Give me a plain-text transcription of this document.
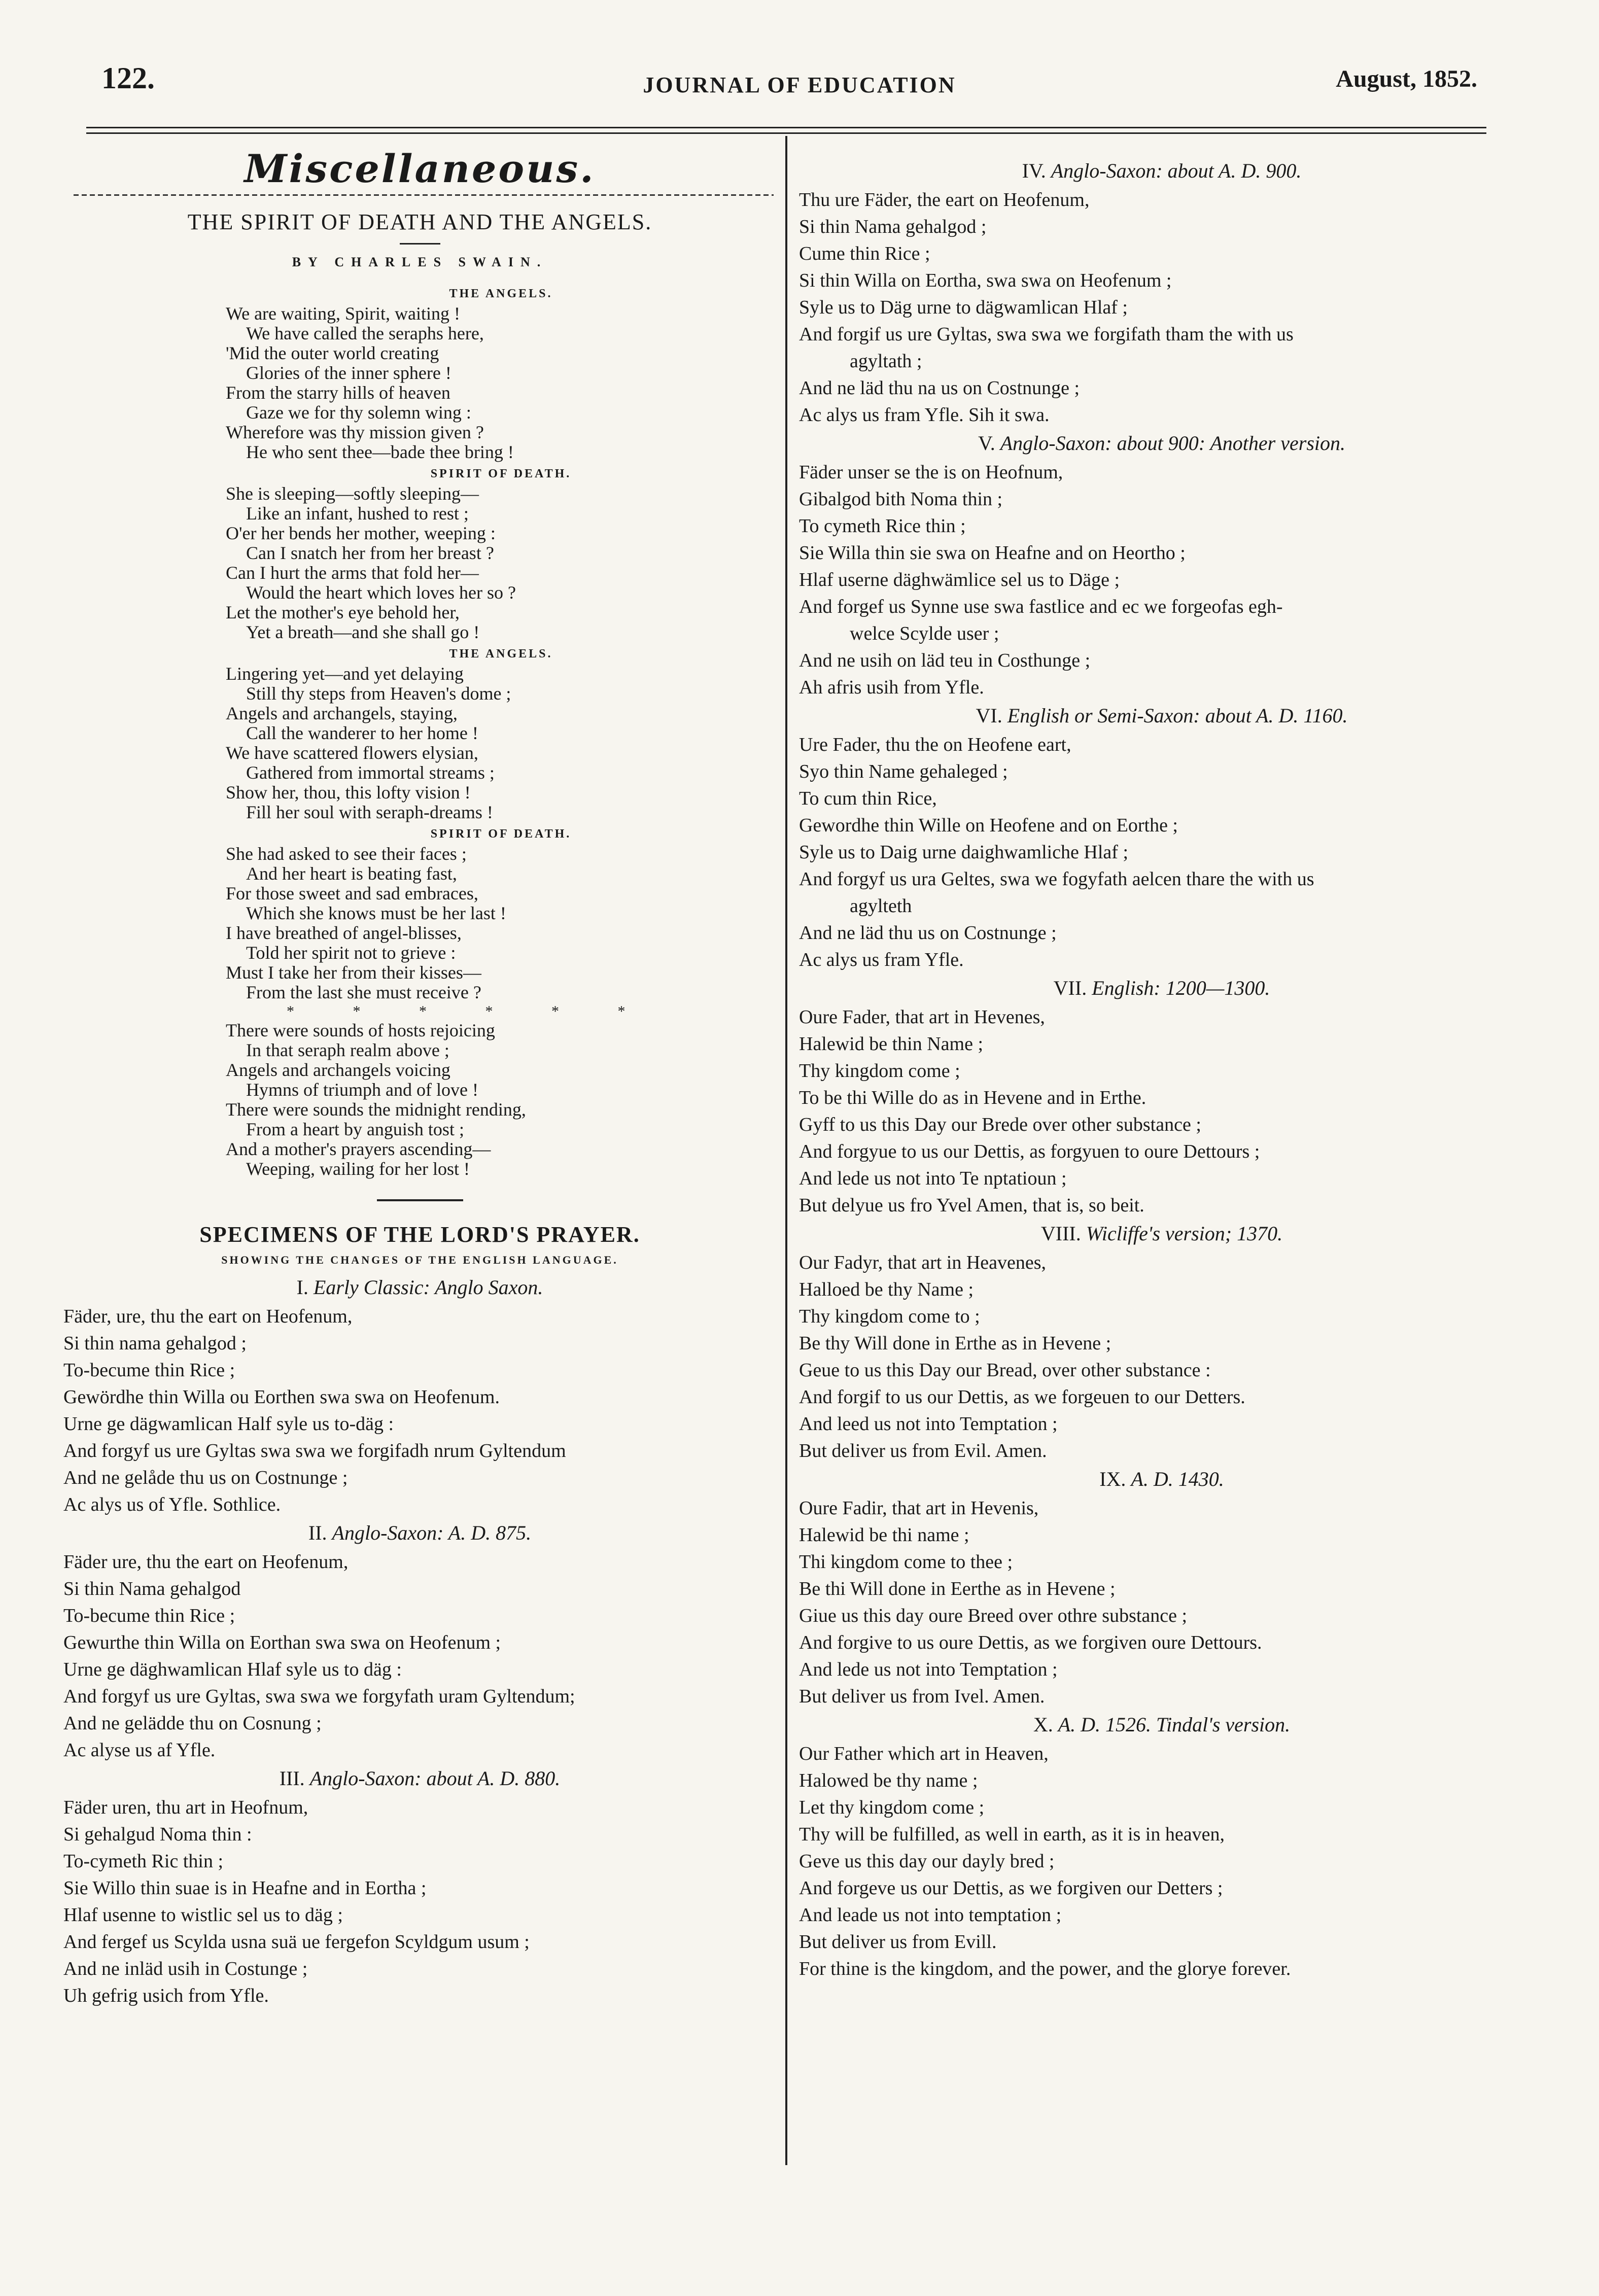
122.	JOURNAL OF EDUCATION	August, 1852.
Miscellaneous.
THE SPIRIT OF DEATH AND THE ANGELS.
BY CHARLES SWAIN.
THE ANGELS.
We are waiting, Spirit, waiting !
We have called the seraphs here,
'Mid the outer world creating
Glories of the inner sphere !
From the starry hills of heaven
Gaze we for thy solemn wing :
Wherefore was thy mission given ?
He who sent thee—bade thee bring !
SPIRIT OF DEATH.
She is sleeping—softly sleeping—
Like an infant, hushed to rest ;
O'er her bends her mother, weeping :
Can I snatch her from her breast ?
Can I hurt the arms that fold her—
Would the heart which loves her so ?
Let the mother's eye behold her,
Yet a breath—and she shall go !
THE ANGELS.
Lingering yet—and yet delaying
Still thy steps from Heaven's dome ;
Angels and archangels, staying,
Call the wanderer to her home !
We have scattered flowers elysian,
Gathered from immortal streams ;
Show her, thou, this lofty vision !
Fill her soul with seraph-dreams !
SPIRIT OF DEATH.
She had asked to see their faces ;
And her heart is beating fast,
For those sweet and sad embraces,
Which she knows must be her last !
I have breathed of angel-blisses,
Told her spirit not to grieve :
Must I take her from their kisses—
From the last she must receive ?
* * * * * *
There were sounds of hosts rejoicing
In that seraph realm above ;
Angels and archangels voicing
Hymns of triumph and of love !
There were sounds the midnight rending,
From a heart by anguish tost ;
And a mother's prayers ascending—
Weeping, wailing for her lost !
SPECIMENS OF THE LORD'S PRAYER.
SHOWING THE CHANGES OF THE ENGLISH LANGUAGE.
I. Early Classic: Anglo Saxon.
Fäder, ure, thu the eart on Heofenum,
Si thin nama gehalgod ;
To-becume thin Rice ;
Gewördhe thin Willa ou Eorthen swa swa on Heofenum.
Urne ge dägwamlican Half syle us to-däg :
And forgyf us ure Gyltas swa swa we forgifadh nrum Gyltendum
And ne gelåde thu us on Costnunge ;
Ac alys us of Yfle. Sothlice.
II. Anglo-Saxon: A. D. 875.
Fäder ure, thu the eart on Heofenum,
Si thin Nama gehalgod
To-becume thin Rice ;
Gewurthe thin Willa on Eorthan swa swa on Heofenum ;
Urne ge däghwamlican Hlaf syle us to däg :
And forgyf us ure Gyltas, swa swa we forgyfath uram Gyltendum;
And ne gelädde thu on Cosnung ;
Ac alyse us af Yfle.
III. Anglo-Saxon: about A. D. 880.
Fäder uren, thu art in Heofnum,
Si gehalgud Noma thin :
To-cymeth Ric thin ;
Sie Willo thin suae is in Heafne and in Eortha ;
Hlaf usenne to wistlic sel us to däg ;
And fergef us Scylda usna suä ue fergefon Scyldgum usum ;
And ne inläd usih in Costunge ;
Uh gefrig usich from Yfle.
IV. Anglo-Saxon: about A. D. 900.
Thu ure Fäder, the eart on Heofenum,
Si thin Nama gehalgod ;
Cume thin Rice ;
Si thin Willa on Eortha, swa swa on Heofenum ;
Syle us to Däg urne to dägwamlican Hlaf ;
And forgif us ure Gyltas, swa swa we forgifath tham the with us
agyltath ;
And ne läd thu na us on Costnunge ;
Ac alys us fram Yfle. Sih it swa.
V. Anglo-Saxon: about 900: Another version.
Fäder unser se the is on Heofnum,
Gibalgod bith Noma thin ;
To cymeth Rice thin ;
Sie Willa thin sie swa on Heafne and on Heortho ;
Hlaf userne däghwämlice sel us to Däge ;
And forgef us Synne use swa fastlice and ec we forgeofas egh-
welce Scylde user ;
And ne usih on läd teu in Costhunge ;
Ah afris usih from Yfle.
VI. English or Semi-Saxon: about A. D. 1160.
Ure Fader, thu the on Heofene eart,
Syo thin Name gehaleged ;
To cum thin Rice,
Gewordhe thin Wille on Heofene and on Eorthe ;
Syle us to Daig urne daighwamliche Hlaf ;
And forgyf us ura Geltes, swa we fogyfath aelcen thare the with us
agylteth
And ne läd thu us on Costnunge ;
Ac alys us fram Yfle.
VII. English: 1200—1300.
Oure Fader, that art in Hevenes,
Halewid be thin Name ;
Thy kingdom come ;
To be thi Wille do as in Hevene and in Erthe.
Gyff to us this Day our Brede over other substance ;
And forgyue to us our Dettis, as forgyuen to oure Dettours ;
And lede us not into Te nptatioun ;
But delyue us fro Yvel Amen, that is, so beit.
VIII. Wicliffe's version; 1370.
Our Fadyr, that art in Heavenes,
Halloed be thy Name ;
Thy kingdom come to ;
Be thy Will done in Erthe as in Hevene ;
Geue to us this Day our Bread, over other substance :
And forgif to us our Dettis, as we forgeuen to our Detters.
And leed us not into Temptation ;
But deliver us from Evil. Amen.
IX. A. D. 1430.
Oure Fadir, that art in Hevenis,
Halewid be thi name ;
Thi kingdom come to thee ;
Be thi Will done in Eerthe as in Hevene ;
Giue us this day oure Breed over othre substance ;
And forgive to us oure Dettis, as we forgiven oure Dettours.
And lede us not into Temptation ;
But deliver us from Ivel. Amen.
X. A. D. 1526. Tindal's version.
Our Father which art in Heaven,
Halowed be thy name ;
Let thy kingdom come ;
Thy will be fulfilled, as well in earth, as it is in heaven,
Geve us this day our dayly bred ;
And forgeve us our Dettis, as we forgiven our Detters ;
And leade us not into temptation ;
But deliver us from Evill.
For thine is the kingdom, and the power, and the glorye forever.
